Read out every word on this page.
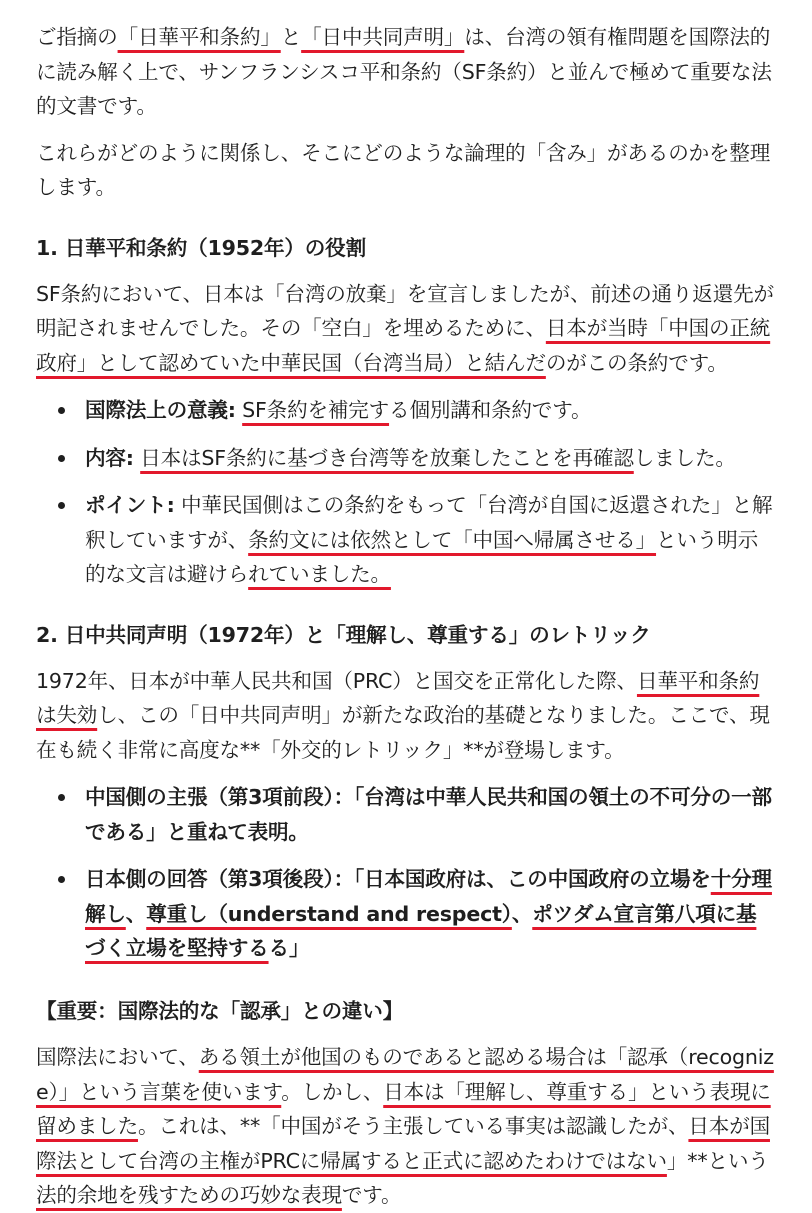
ご指摘の「日華平和条約」と「日中共同声明」は、台湾の領有権問題を国際法的に読み解く上で、サンフランシスコ平和条約（SF条約）と並んで極めて重要な法的文書です。

これらがどのように関係し、そこにどのような論理的「含み」があるのかを整理します。

1. 日華平和条約（1952年）の役割

SF条約において、日本は「台湾の放棄」を宣言しましたが、前述の通り返還先が明記されませんでした。その「空白」を埋めるために、日本が当時「中国の正統政府」として認めていた中華民国（台湾当局）と結んだのがこの条約です。

国際法上の意義: SF条約を補完する個別講和条約です。

内容: 日本はSF条約に基づき台湾等を放棄したことを再確認しました。

ポイント: 中華民国側はこの条約をもって「台湾が自国に返還された」と解釈していますが、条約文には依然として「中国へ帰属させる」という明示的な文言は避けられていました。

2. 日中共同声明（1972年）と「理解し、尊重する」のレトリック

1972年、日本が中華人民共和国（PRC）と国交を正常化した際、日華平和条約は失効し、この「日中共同声明」が新たな政治的基礎となりました。ここで、現在も続く非常に高度な**「外交的レトリック」**が登場します。

中国側の主張（第3項前段）：「台湾は中華人民共和国の領土の不可分の一部である」と重ねて表明。

日本側の回答（第3項後段）：「日本国政府は、この中国政府の立場を十分理解し、尊重し（understand and respect）、ポツダム宣言第八項に基づく立場を堅持するる」

【重要：国際法的な「認承」との違い】

国際法において、ある領土が他国のものであると認める場合は「認承（recognize）」という言葉を使います。しかし、日本は「理解し、尊重する」という表現に留めました。これは、**「中国がそう主張している事実は認識したが、日本が国際法として台湾の主権がPRCに帰属すると正式に認めたわけではない」**という法的余地を残すための巧妙な表現です。
